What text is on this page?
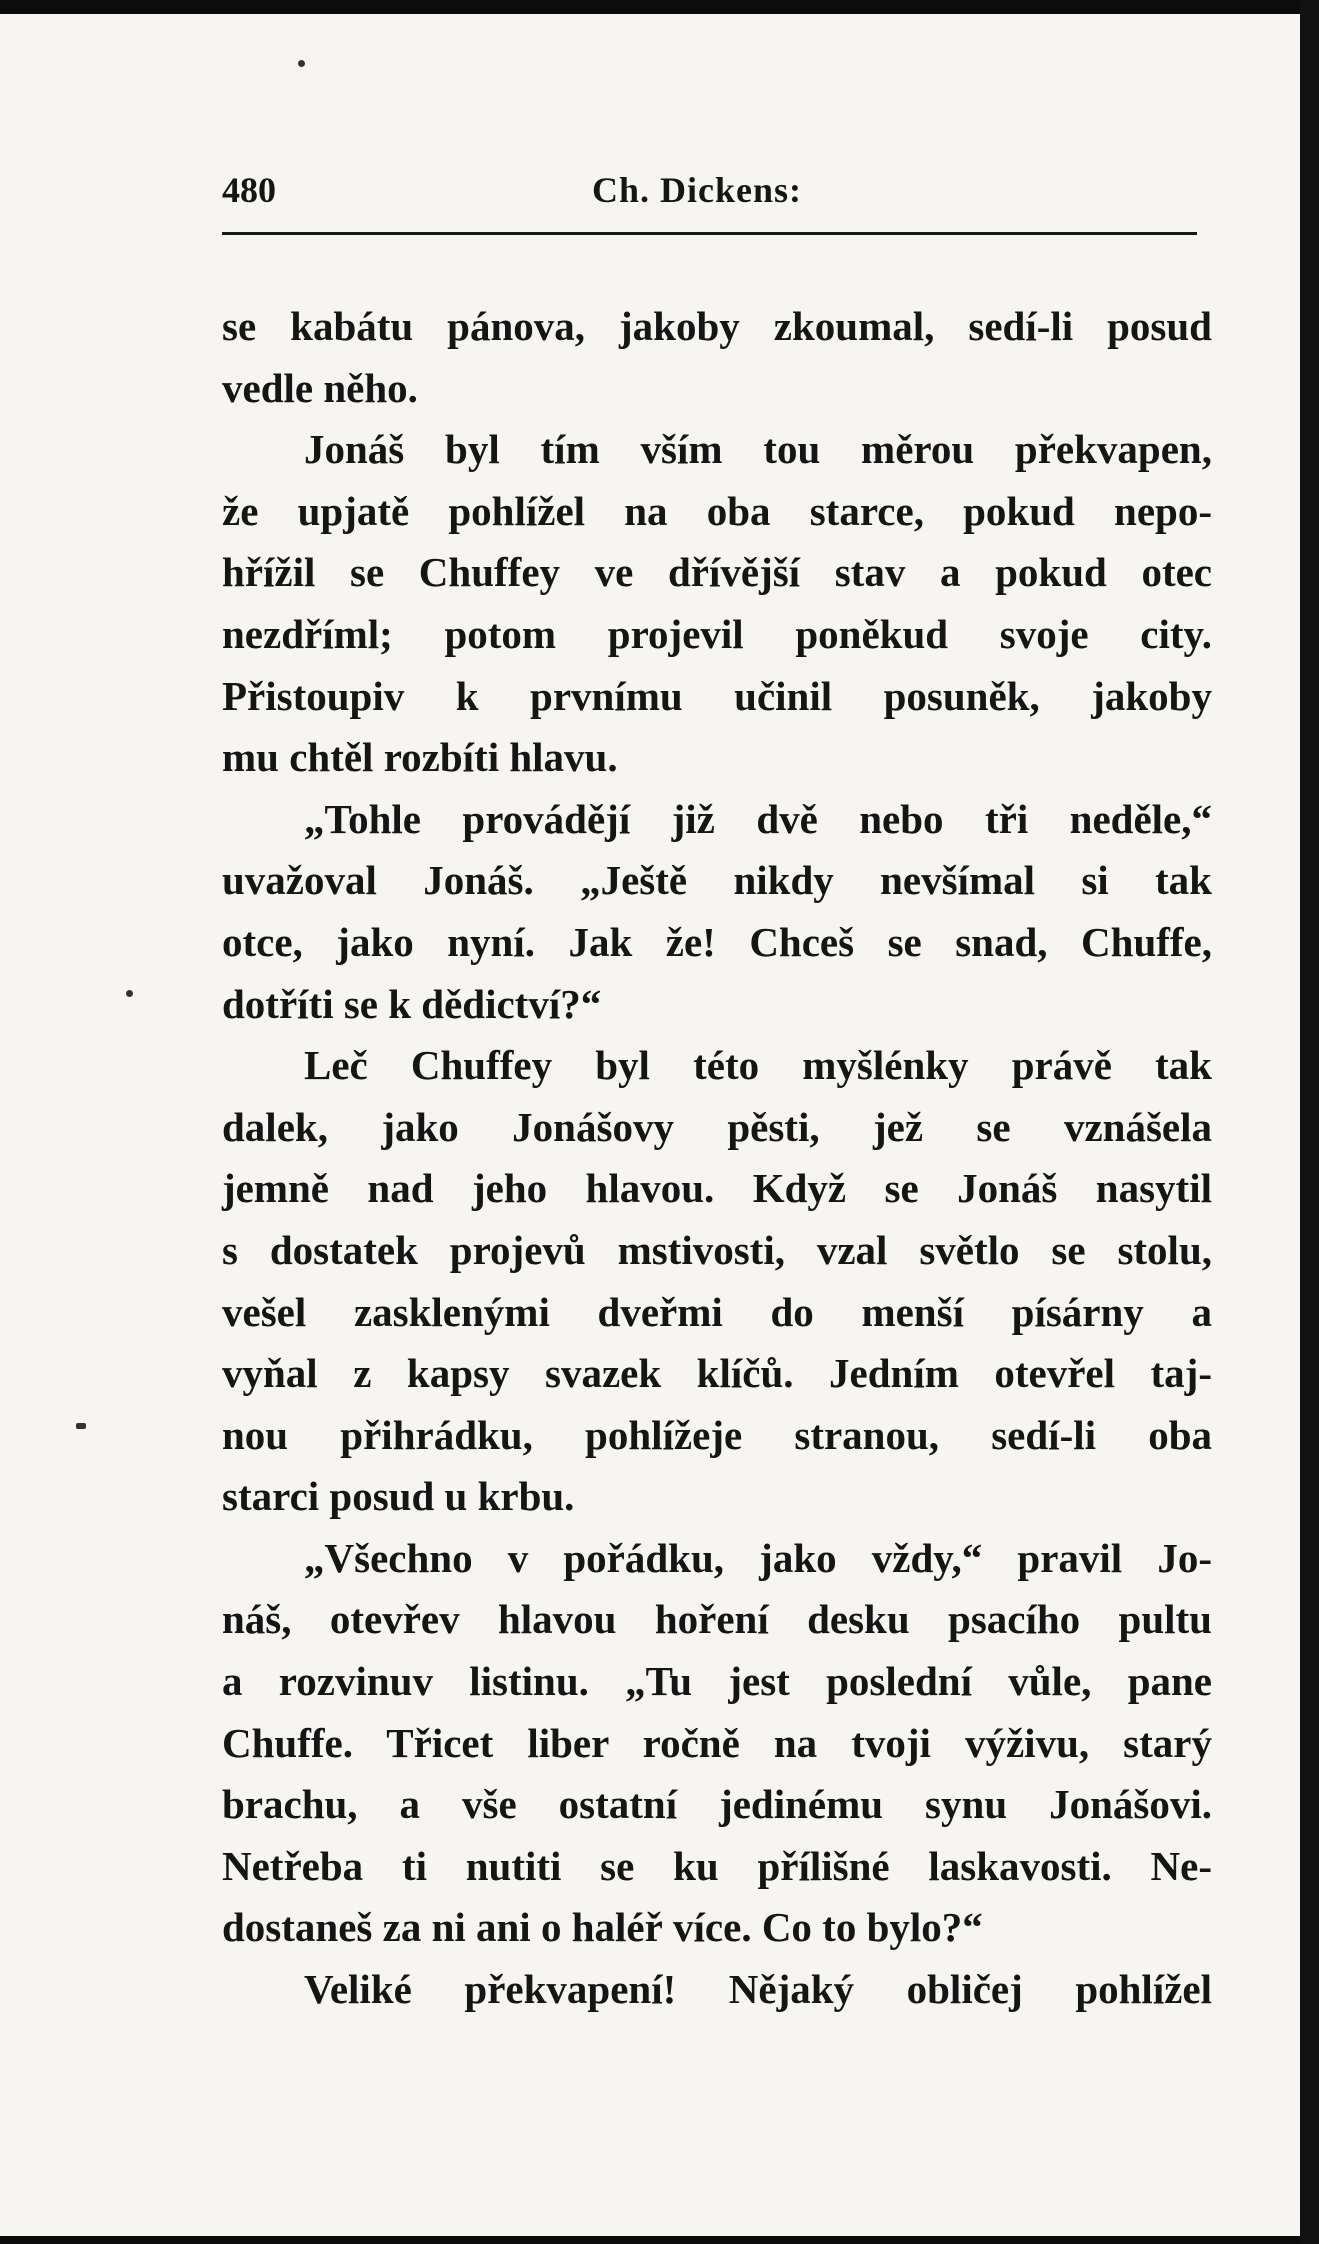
480	Ch. Dickens:
se kabátu pánova, jakoby zkoumal, sedí-li posud
vedle něho.
Jonáš byl tím vším tou měrou překvapen,
že upjatě pohlížel na oba starce, pokud nepo-
hřížil se Chuffey ve dřívější stav a pokud otec
nezdříml; potom projevil poněkud svoje city.
Přistoupiv k prvnímu učinil posuněk, jakoby
mu chtěl rozbíti hlavu.
„Tohle provádějí již dvě nebo tři neděle,“
uvažoval Jonáš. „Ještě nikdy nevšímal si tak
otce, jako nyní. Jak že! Chceš se snad, Chuffe,
dotříti se k dědictví?“
Leč Chuffey byl této myšlénky právě tak
dalek, jako Jonášovy pěsti, jež se vznášela
jemně nad jeho hlavou. Když se Jonáš nasytil
s dostatek projevů mstivosti, vzal světlo se stolu,
vešel zasklenými dveřmi do menší písárny a
vyňal z kapsy svazek klíčů. Jedním otevřel taj-
nou přihrádku, pohlížeje stranou, sedí-li oba
starci posud u krbu.
„Všechno v pořádku, jako vždy,“ pravil Jo-
náš, otevřev hlavou hoření desku psacího pultu
a rozvinuv listinu. „Tu jest poslední vůle, pane
Chuffe. Třicet liber ročně na tvoji výživu, starý
brachu, a vše ostatní jedinému synu Jonášovi.
Netřeba ti nutiti se ku přílišné laskavosti. Ne-
dostaneš za ni ani o haléř více. Co to bylo?“
Veliké překvapení! Nějaký obličej pohlížel
